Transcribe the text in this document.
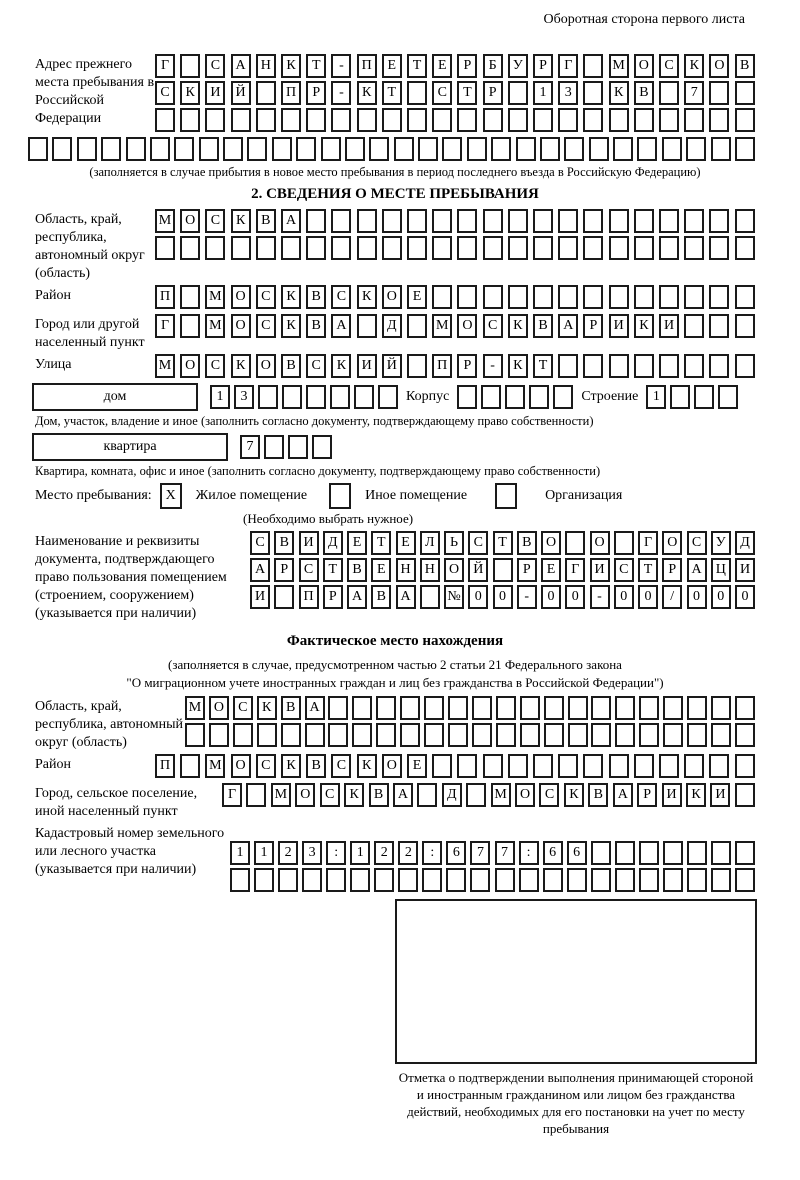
Оборотная сторона первого листа
Адрес прежнего места пребывания в Российской Федерации
Г	С	А	Н	К	Т	-	П	Е	Т	Е	Р	Б	У	Р	Г	М О	С	К	О	В
С	К	И	Й	П	Р	-	К	Т	С	Т	Р	1	3	К	В	7
(заполняется в случае прибытия в новое место пребывания в период последнего въезда в Российскую Федерацию)
2. СВЕДЕНИЯ О МЕСТЕ ПРЕБЫВАНИЯ
Область, край, республика, автономный округ (область)
М О	С	К	В	А
Район	П	М О	С	К	В	С	К	О	Е
Город или другой населенный пункт
Г	М О	С	К	В	А	Д	М О	С	К	В	А	Р	И	К	И
Улица	М О	С	К	О	В	С	К	И	Й	П	Р	-	К	Т
дом	1	3	Корпус	Строение	1
Дом, участок, владение и иное (заполнить согласно документу, подтверждающему право собственности)
квартира	7
Квартира, комната, офис и иное (заполнить согласно документу, подтверждающему право собственности)
Место пребывания: X	Жилое помещение	Иное помещение	Организация
(Необходимо выбрать нужное)
Наименование и реквизиты документа, подтверждающего право пользования помещением (строением, сооружением) (указывается при наличии)
С	В	И	Д	Е	Т	Е	Л	Ь	С	Т	В	О	О	Г	О	С	У	Д
А	Р	С	Т	В	Е	Н	Н	О	Й	Р	Е	Г	И	С	Т	Р	А	Ц	И
И	П	Р	А	В	А	№	0	0	-	0	0	-	0	0	/	0	0	0
Фактическое место нахождения
(заполняется в случае, предусмотренном частью 2 статьи 21 Федерального закона
"О миграционном учете иностранных граждан и лиц без гражданства в Российской Федерации")
Область, край, республика, автономный округ (область)
М О	С	К	В	А
Район	П	М О	С	К	В	С	К	О	Е
Город, сельское поселение, иной населенный пункт
Г	М О	С	К	В	А	Д	М О	С	К	В	А	Р	И	К	И
Кадастровый номер земельного или лесного участка (указывается при наличии)
1	1	2	3	:	1	2	2	:	6	7	7	:	6	6
Отметка о подтверждении выполнения принимающей стороной и иностранным гражданином или лицом без гражданства действий, необходимых для его постановки на учет по месту пребывания
